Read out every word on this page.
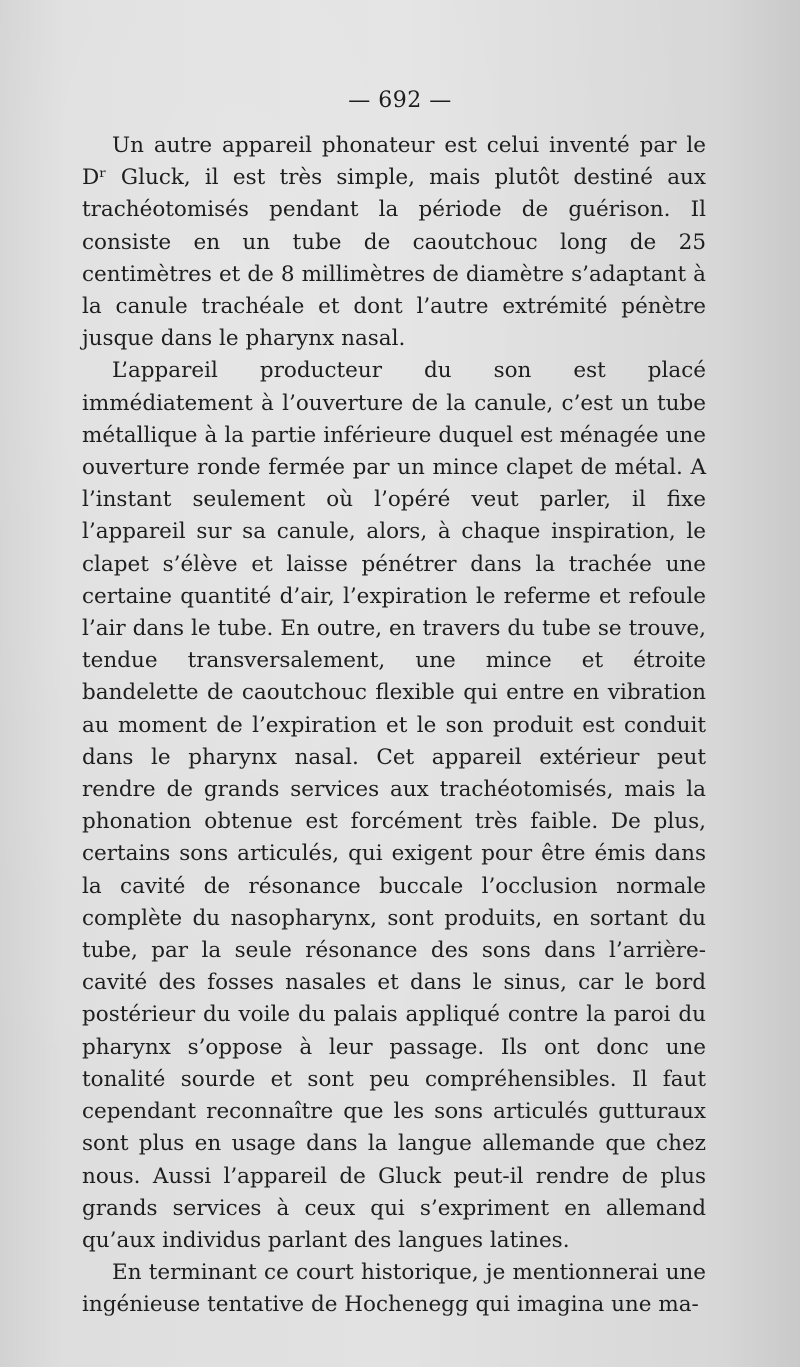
— 692 —

Un autre appareil phonateur est celui inventé par le Dʳ Gluck, il est très simple, mais plutôt destiné aux trachéotomisés pendant la période de guérison. Il consiste en un tube de caoutchouc long de 25 centimètres et de 8 millimètres de diamètre s’adaptant à la canule trachéale et dont l’autre extrémité pénètre jusque dans le pharynx nasal.

L’appareil producteur du son est placé immédiatement à l’ouverture de la canule, c’est un tube métallique à la partie inférieure duquel est ménagée une ouverture ronde fermée par un mince clapet de métal. A l’instant seulement où l’opéré veut parler, il fixe l’appareil sur sa canule, alors, à chaque inspiration, le clapet s’élève et laisse pénétrer dans la trachée une certaine quantité d’air, l’expiration le referme et refoule l’air dans le tube. En outre, en travers du tube se trouve, tendue transversalement, une mince et étroite bandelette de caoutchouc flexible qui entre en vibration au moment de l’expiration et le son produit est conduit dans le pharynx nasal. Cet appareil extérieur peut rendre de grands services aux trachéotomisés, mais la phonation obtenue est forcément très faible. De plus, certains sons articulés, qui exigent pour être émis dans la cavité de résonance buccale l’occlusion normale complète du nasopharynx, sont produits, en sortant du tube, par la seule résonance des sons dans l’arrière-cavité des fosses nasales et dans le sinus, car le bord postérieur du voile du palais appliqué contre la paroi du pharynx s’oppose à leur passage. Ils ont donc une tonalité sourde et sont peu compréhensibles. Il faut cependant reconnaître que les sons articulés gutturaux sont plus en usage dans la langue allemande que chez nous. Aussi l’appareil de Gluck peut-il rendre de plus grands services à ceux qui s’expriment en allemand qu’aux individus parlant des langues latines.

En terminant ce court historique, je mentionnerai une ingénieuse tentative de Hochenegg qui imagina une ma-
